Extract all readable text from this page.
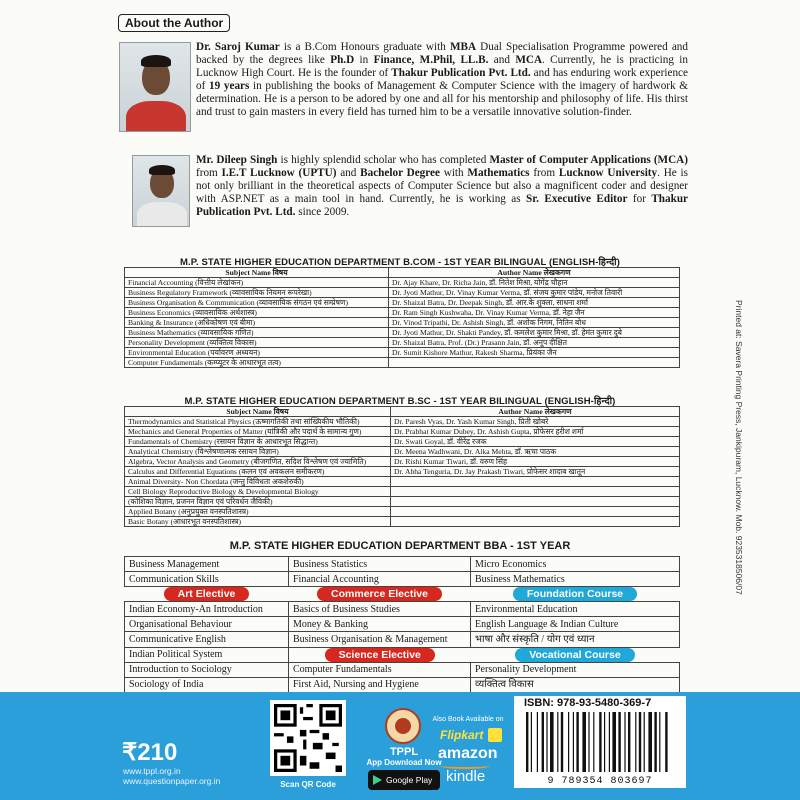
About the Author
Dr. Saroj Kumar is a B.Com Honours graduate with MBA Dual Specialisation Programme powered and backed by the degrees like Ph.D in Finance, M.Phil, LL.B. and MCA. Currently, he is practicing in Lucknow High Court. He is the founder of Thakur Publication Pvt. Ltd. and has enduring work experience of 19 years in publishing the books of Management & Computer Science with the imagery of hardwork & determination. He is a person to be adored by one and all for his mentorship and philosophy of life. His thirst and trust to gain masters in every field has turned him to be a versatile innovative solution-finder.
Mr. Dileep Singh is highly splendid scholar who has completed Master of Computer Applications (MCA) from I.E.T Lucknow (UPTU) and Bachelor Degree with Mathematics from Lucknow University. He is not only brilliant in the theoretical aspects of Computer Science but also a magnificent coder and designer with ASP.NET as a main tool in hand. Currently, he is working as Sr. Executive Editor for Thakur Publication Pvt. Ltd. since 2009.
M.P. STATE HIGHER EDUCATION DEPARTMENT B.COM - 1ST YEAR BILINGUAL (ENGLISH-हिन्दी)
Subject Name विषय	Author Name लेखकगण
Financial Accounting (वित्तीय लेखांकन)	Dr. Ajay Khare, Dr. Richa Jain, डॉ. नितेश मिश्रा, योगेंद्र चौहान
Business Regulatory Framework (व्यावसायिक नियमन रूपरेखा)	Dr. Jyoti Mathur, Dr. Vinay Kumar Verma, डॉ. संजय कुमार पांडेय, मनोज तिवारी
Business Organisation & Communication (व्यावसायिक संगठन एवं सम्प्रेषण)	Dr. Shaizal Batra, Dr. Deepak Singh, डॉ. आर.के शुक्ला, साधना शर्मा
Business Economics (व्यावसायिक अर्थशास्त्र)	Dr. Ram Singh Kushwaha, Dr. Vinay Kumar Verma, डॉ. नेहा जैन
Banking & Insurance (अधिकोषण एवं बीमा)	Dr. Vinod Tripathi, Dr. Ashish Singh, डॉ. अशोक निगम, नितिन बोध
Business Mathematics (व्यावसायिक गणित)	Dr. Jyoti Mathur, Dr. Shakti Pandey, डॉ. कमलेश कुमार मिश्रा, डॉ. हेमंत कुमार दुबे
Personality Development (व्यक्तित्व विकास)	Dr. Shaizal Batra, Prof. (Dr.) Prasann Jain, डॉ. अनूप दीक्षित
Environmental Education (पर्यावरण अध्ययन)	Dr. Sumit Kishore Mathur, Rakesh Sharma, प्रियंका जैन
Computer Fundamentals (कम्प्यूटर के आधारभूत तत्व)	
M.P. STATE HIGHER EDUCATION DEPARTMENT B.SC - 1ST YEAR BILINGUAL (ENGLISH-हिन्दी)
Subject Name विषय	Author Name लेखकगण
Thermodynamics and Statistical Physics (ऊष्मागतिकी तथा सांख्यिकीय भौतिकी)	Dr. Paresh Vyas, Dr. Yash Kumar Singh, प्रिती खोबरे
Mechanics and General Properties of Matter (यांत्रिकी और पदार्थ के सामान्य गुण)	Dr. Prabhat Kumar Dubey, Dr. Ashish Gupta, प्रोफेसर हरीश शर्मा
Fundamentals of Chemistry (रसायन विज्ञान के आधारभूत सिद्धान्त)	Dr. Swati Goyal, डॉ. वीरेंद्र रजक
Analytical Chemistry (विश्लेषणात्मक रसायन विज्ञान)	Dr. Meena Wadhwani, Dr. Alka Mehta, डॉ. ऋचा पाठक
Algebra, Vector Analysis and Geometry (बीजगणित, सदिश विश्लेषण एवं ज्यामिति)	Dr. Rishi Kumar Tiwari, डॉ. वरुण सिंह
Calculus and Differential Equations (कलन एवं अवकलन समीकरण)	Dr. Abha Tenguria, Dr. Jay Prakash Tiwari, प्रोफेसर शादाब खातून
Animal Diversity- Non Chordata (जन्तु विविधता अकशेरुकी)	
Cell Biology Reproductive Biology & Developmental Biology	
(कोशिका विज्ञान, प्रजनन विज्ञान एवं परिवर्धन जैविकी)	
Applied Botany (अनुप्रयुक्त वनस्पतिशास्त्र)	
Basic Botany (आधारभूत वनस्पतिशास्त्र)	
M.P. STATE HIGHER EDUCATION DEPARTMENT BBA - 1ST YEAR
Business Management	Business Statistics	Micro Economics
Communication Skills	Financial Accounting	Business Mathematics
Art Elective	Commerce Elective	Foundation Course
Indian Economy-An Introduction	Basics of Business Studies	Environmental Education
Organisational Behaviour	Money & Banking	English Language & Indian Culture
Communicative English	Business Organisation & Management	भाषा और संस्कृति / योग एवं ध्यान
Indian Political System	Science Elective	Vocational Course
Introduction to Sociology	Computer Fundamentals	Personality Development
Sociology of India	First Aid, Nursing and Hygiene	व्यक्तित्व विकास
Printed at: Savera Printing Press, Jankipuram, Lucknow. Mob. 9235318506/07
₹210
www.tppl.org.in
www.questionpaper.org.in	Scan QR Code
TPPL
App Download Now
Google Play
Also Book Available on
Flipkart
amazon
kindle
ISBN: 978-93-5480-369-7
9 789354 803697
